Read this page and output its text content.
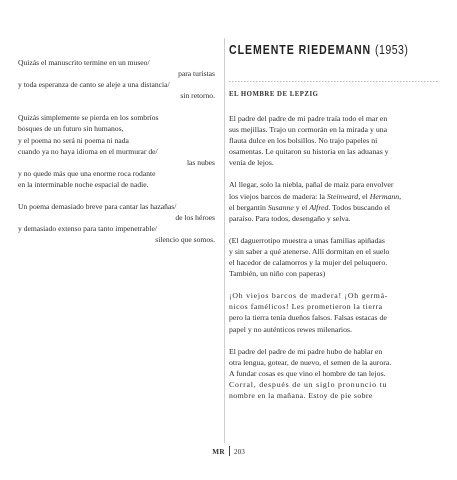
Quizás el manuscrito termine en un museo/
para turistas
y toda esperanza de canto se aleje a una distancia/
sin retorno.
Quizás simplemente se pierda en los sombríos
bosques de un futuro sin humanos,
y el poema no será ni poema ni nada
cuando ya no haya idioma en el murmurar de/
las nubes
y no quede más que una enorme roca rodante
en la interminable noche espacial de nadie.
Un poema demasiado breve para cantar las hazañas/
de los héroes
y demasiado extenso para tanto impenetrable/
silencio que somos.
CLEMENTE RIEDEMANN (1953)
EL HOMBRE DE LEPZIG
El padre del padre de mi padre traía todo el mar en
sus mejillas. Trajo un cormorán en la mirada y una
flauta dulce en los bolsillos. No trajo papeles ni
osamentas. Le quitaron su historia en las aduanas y
venía de lejos.
Al llegar, solo la niebla, pañal de maíz para envolver
los viejos barcos de madera: la Steinward, el Hermann,
el bergantín Susanne y el Alfred. Todos buscando el
paraíso. Para todos, desengaño y selva.
(El daguerrotipo muestra a unas familias apiñadas
y sin saber a qué atenerse. Allí dormitan en el suelo
el hacedor de calamorros y la mujer del peluquero.
También, un niño con paperas)
¡Oh viejos barcos de madera! ¡Oh germá-
nicos famélicos! Les prometieron la tierra
pero la tierra tenía dueños falsos. Falsas estacas de
papel y no auténticos rewes milenarios.
El padre del padre de mi padre hubo de hablar en
otra lengua, gotear, de nuevo, el semen de la aurora.
A fundar cosas es que vino el hombre de tan lejos.
Corral, después de un siglo pronuncio tu
nombre en la mañana. Estoy de pie sobre
MR 203
